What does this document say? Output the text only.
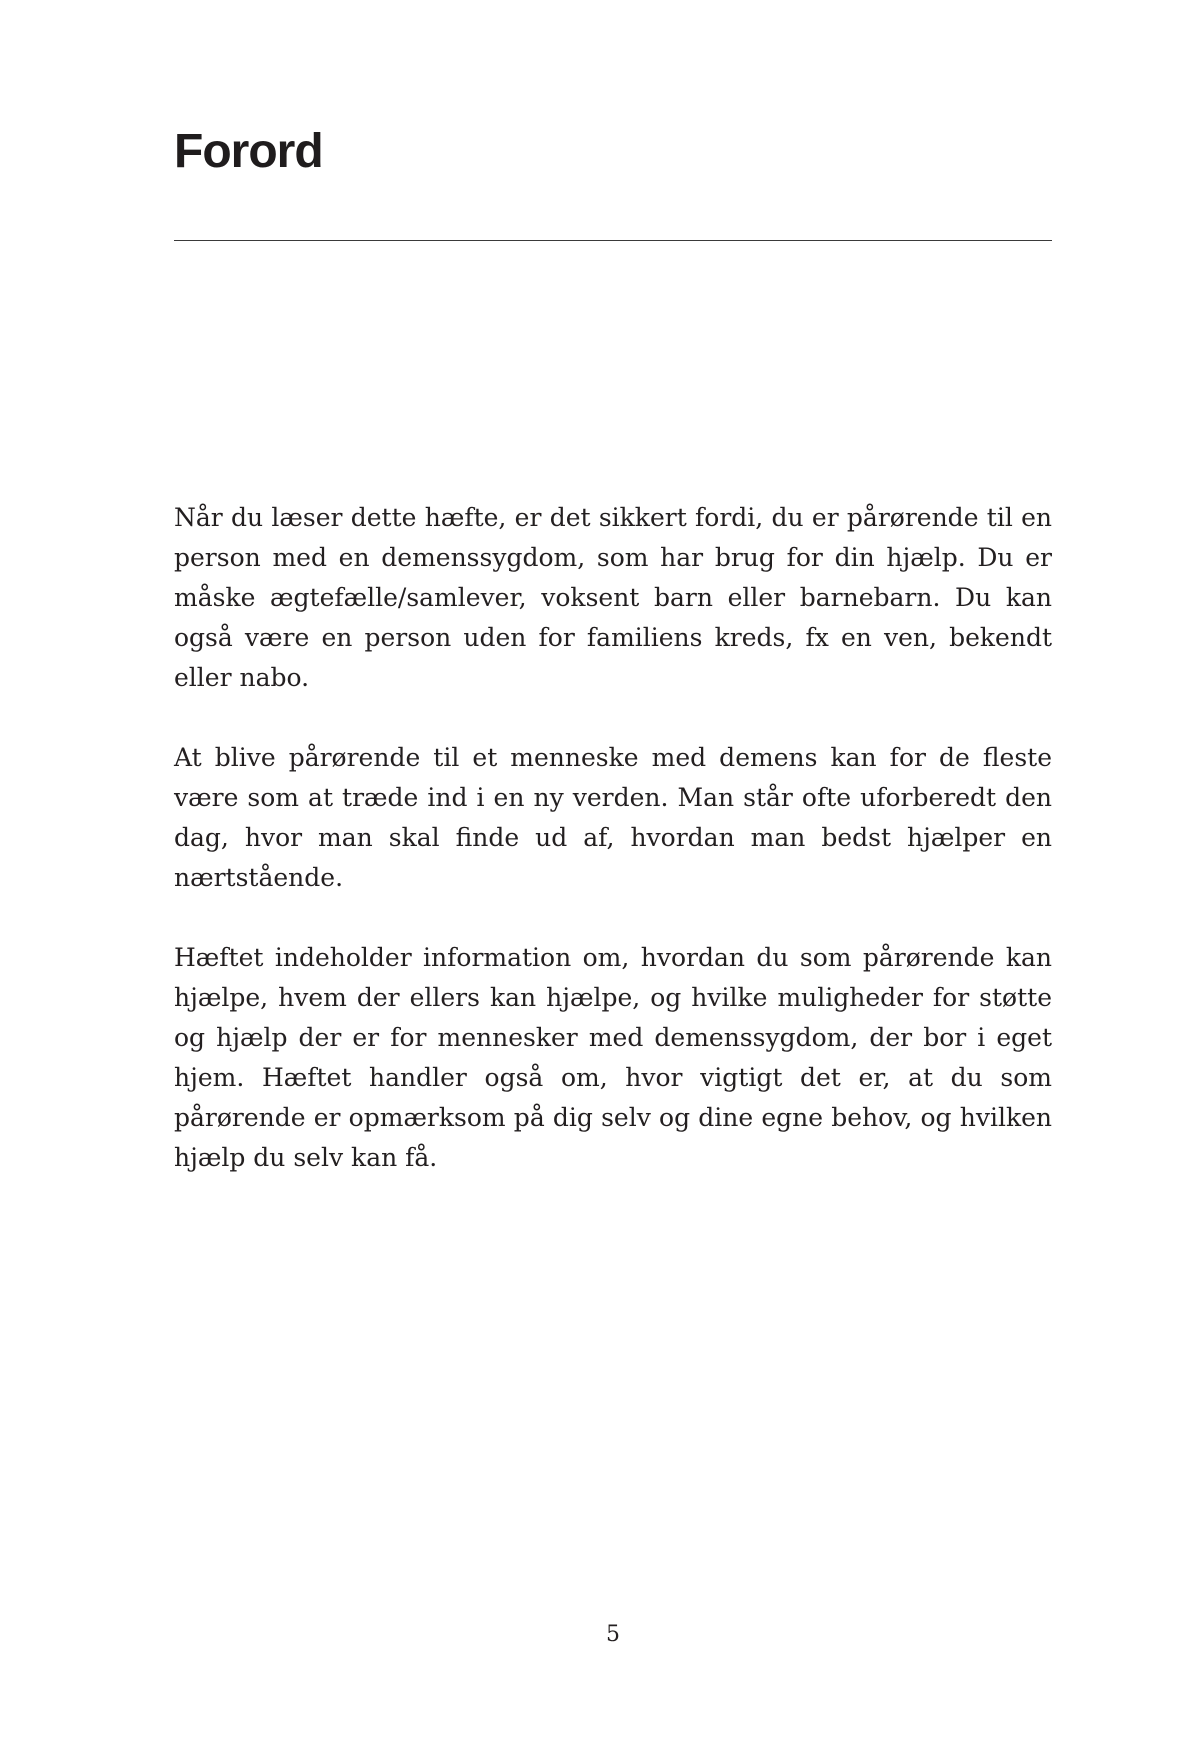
Forord

Når du læser dette hæfte, er det sikkert fordi, du er pårørende til en person med en demenssygdom, som har brug for din hjælp. Du er måske ægtefælle/samlever, voksent barn eller barnebarn. Du kan også være en person uden for familiens kreds, fx en ven, bekendt eller nabo.

At blive pårørende til et menneske med demens kan for de fleste være som at træde ind i en ny verden. Man står ofte uforberedt den dag, hvor man skal finde ud af, hvordan man bedst hjælper en nærtstående.

Hæftet indeholder information om, hvordan du som pårørende kan hjælpe, hvem der ellers kan hjælpe, og hvilke muligheder for støtte og hjælp der er for mennesker med demenssygdom, der bor i eget hjem. Hæftet handler også om, hvor vigtigt det er, at du som pårørende er opmærksom på dig selv og dine egne behov, og hvilken hjælp du selv kan få.

5
